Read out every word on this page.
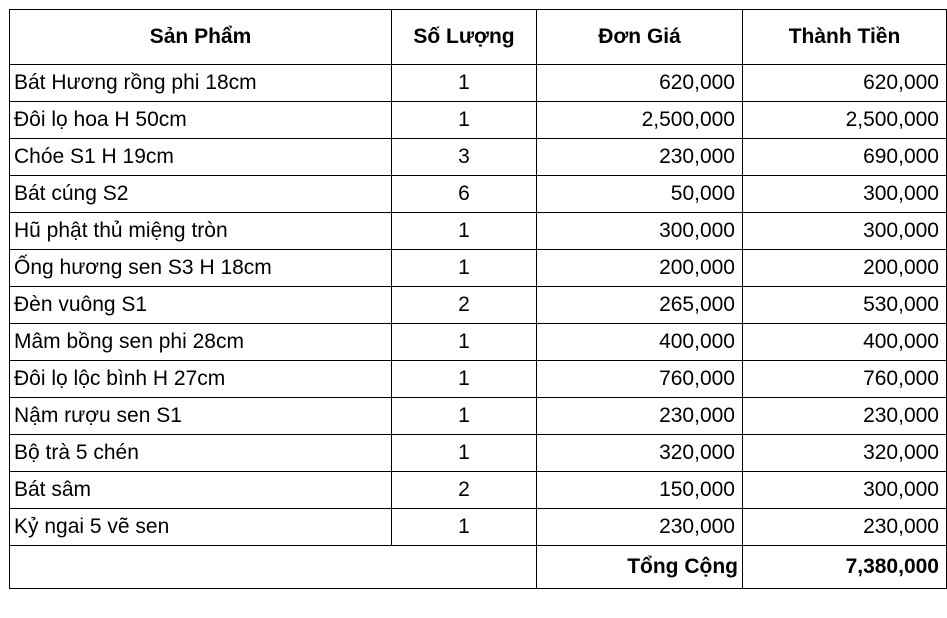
Sản Phẩm	Số Lượng	Đơn Giá	Thành Tiền
Bát Hương rồng phi 18cm	1	620,000	620,000
Đôi lọ hoa H 50cm	1	2,500,000	2,500,000
Chóe S1 H 19cm	3	230,000	690,000
Bát cúng S2	6	50,000	300,000
Hũ phật thủ miệng tròn	1	300,000	300,000
Ống hương sen S3 H 18cm	1	200,000	200,000
Đèn vuông S1	2	265,000	530,000
Mâm bồng sen phi 28cm	1	400,000	400,000
Đôi lọ lộc bình H 27cm	1	760,000	760,000
Nậm rượu sen S1	1	230,000	230,000
Bộ trà 5 chén	1	320,000	320,000
Bát sâm	2	150,000	300,000
Kỷ ngai 5 vẽ sen	1	230,000	230,000
		Tổng Cộng	7,380,000
